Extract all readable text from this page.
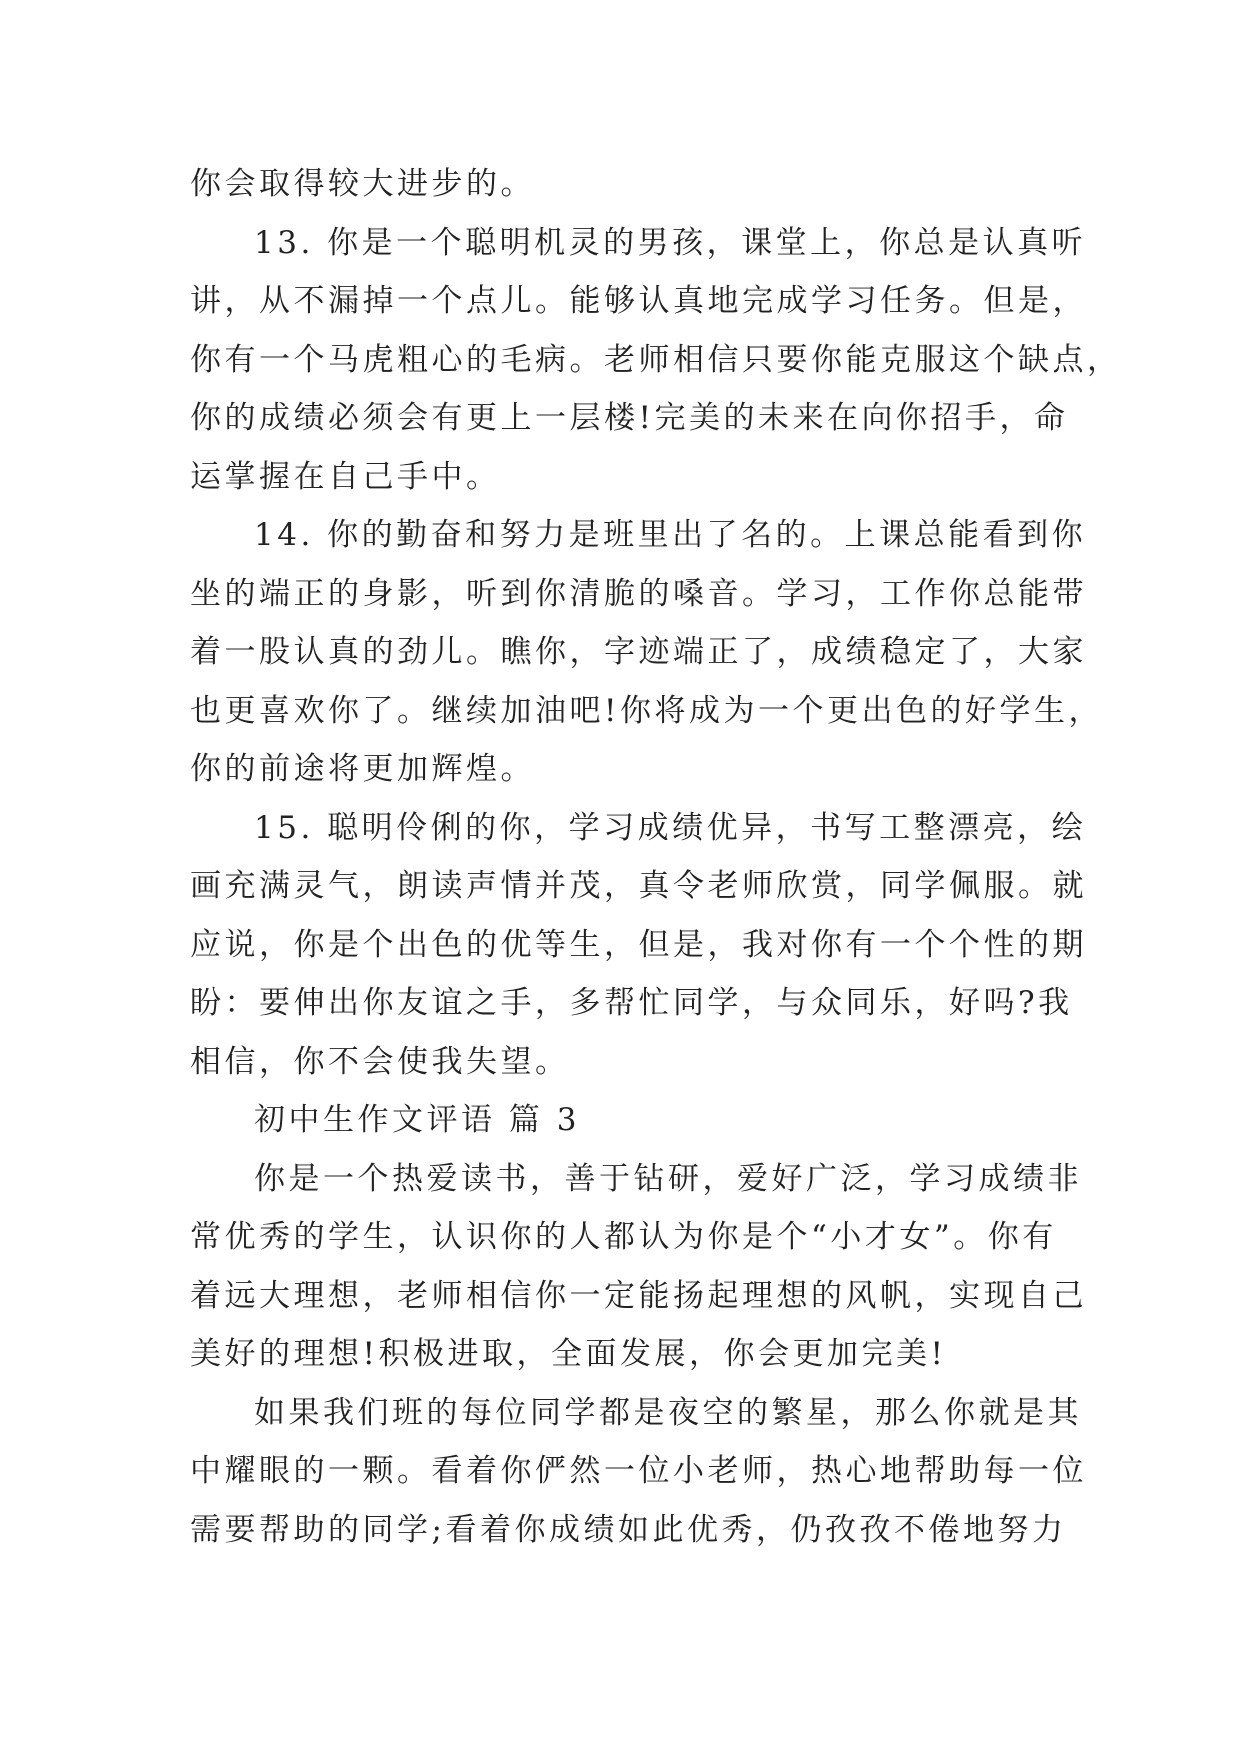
你会取得较大进步的。
13. 你是一个聪明机灵的男孩，课堂上，你总是认真听
讲，从不漏掉一个点儿。能够认真地完成学习任务。但是，
你有一个马虎粗心的毛病。老师相信只要你能克服这个缺点，
你的成绩必须会有更上一层楼!完美的未来在向你招手，命
运掌握在自己手中。
14. 你的勤奋和努力是班里出了名的。上课总能看到你
坐的端正的身影，听到你清脆的嗓音。学习，工作你总能带
着一股认真的劲儿。瞧你，字迹端正了，成绩稳定了，大家
也更喜欢你了。继续加油吧!你将成为一个更出色的好学生，
你的前途将更加辉煌。
15. 聪明伶俐的你，学习成绩优异，书写工整漂亮，绘
画充满灵气，朗读声情并茂，真令老师欣赏，同学佩服。就
应说，你是个出色的优等生，但是，我对你有一个个性的期
盼：要伸出你友谊之手，多帮忙同学，与众同乐，好吗?我
相信，你不会使我失望。
初中生作文评语 篇 3
你是一个热爱读书，善于钻研，爱好广泛，学习成绩非
常优秀的学生，认识你的人都认为你是个“小才女”。你有
着远大理想，老师相信你一定能扬起理想的风帆，实现自己
美好的理想!积极进取，全面发展，你会更加完美!
如果我们班的每位同学都是夜空的繁星，那么你就是其
中耀眼的一颗。看着你俨然一位小老师，热心地帮助每一位
需要帮助的同学;看着你成绩如此优秀，仍孜孜不倦地努力
